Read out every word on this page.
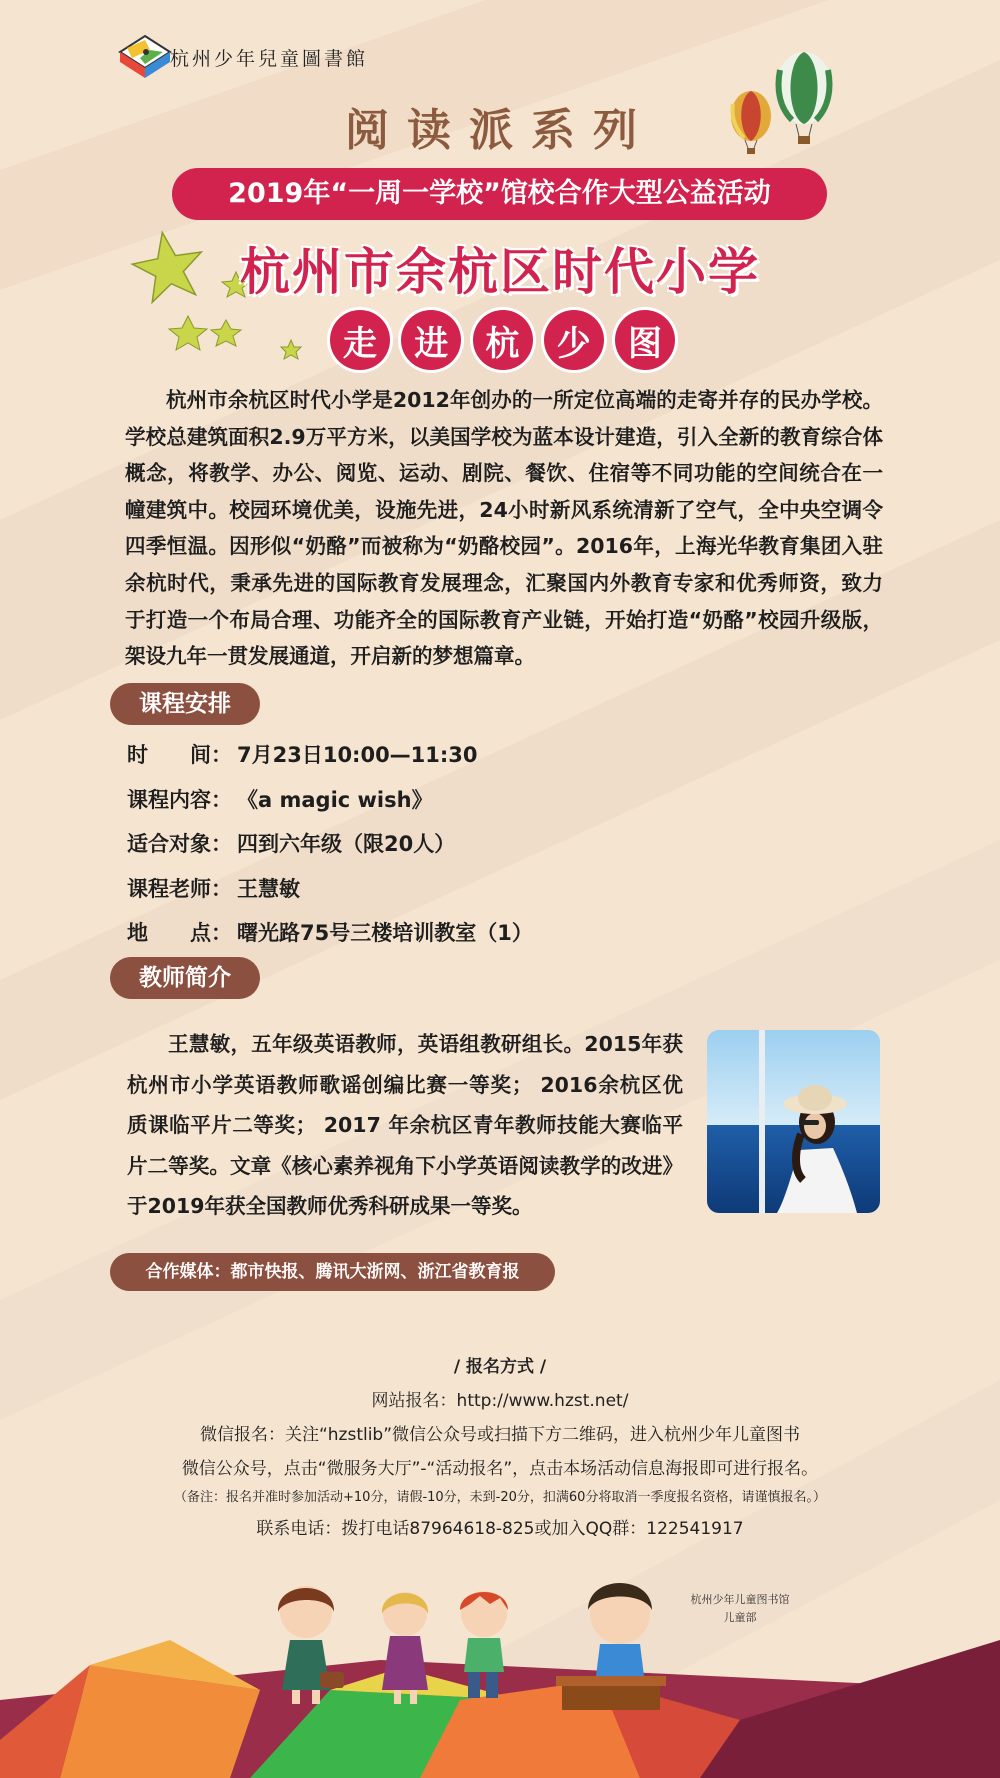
杭州少年兒童圖書館
阅读派系列
2019年“一周一学校”馆校合作大型公益活动
杭州市余杭区时代小学
走	进	杭	少	图
杭州市余杭区时代小学是2012年创办的一所定位高端的走寄并存的民办学校。学校总建筑面积2.9万平方米，以美国学校为蓝本设计建造，引入全新的教育综合体概念，将教学、办公、阅览、运动、剧院、餐饮、住宿等不同功能的空间统合在一幢建筑中。校园环境优美，设施先进，24小时新风系统清新了空气，全中央空调令四季恒温。因形似“奶酪”而被称为“奶酪校园”。2016年，上海光华教育集团入驻余杭时代，秉承先进的国际教育发展理念，汇聚国内外教育专家和优秀师资，致力于打造一个布局合理、功能齐全的国际教育产业链，开始打造“奶酪”校园升级版，架设九年一贯发展通道，开启新的梦想篇章。
课程安排
时　　间： 7月23日10:00—11:30
课程内容： 《a magic wish》
适合对象： 四到六年级（限20人）
课程老师： 王慧敏
地　　点： 曙光路75号三楼培训教室（1）
教师简介
王慧敏，五年级英语教师，英语组教研组长。2015年获杭州市小学英语教师歌谣创编比赛一等奖； 2016余杭区优质课临平片二等奖； 2017 年余杭区青年教师技能大赛临平片二等奖。文章《核心素养视角下小学英语阅读教学的改进》于2019年获全国教师优秀科研成果一等奖。
合作媒体：都市快报、腾讯大浙网、浙江省教育报
/ 报名方式 /
网站报名：http://www.hzst.net/
微信报名：关注“hzstlib”微信公众号或扫描下方二维码，进入杭州少年儿童图书
微信公众号，点击“微服务大厅”-“活动报名”，点击本场活动信息海报即可进行报名。
（备注：报名并准时参加活动+10分，请假-10分，未到-20分，扣满60分将取消一季度报名资格，请谨慎报名。）
联系电话：拨打电话87964618-825或加入QQ群：122541917
杭州少年儿童图书馆
儿童部
